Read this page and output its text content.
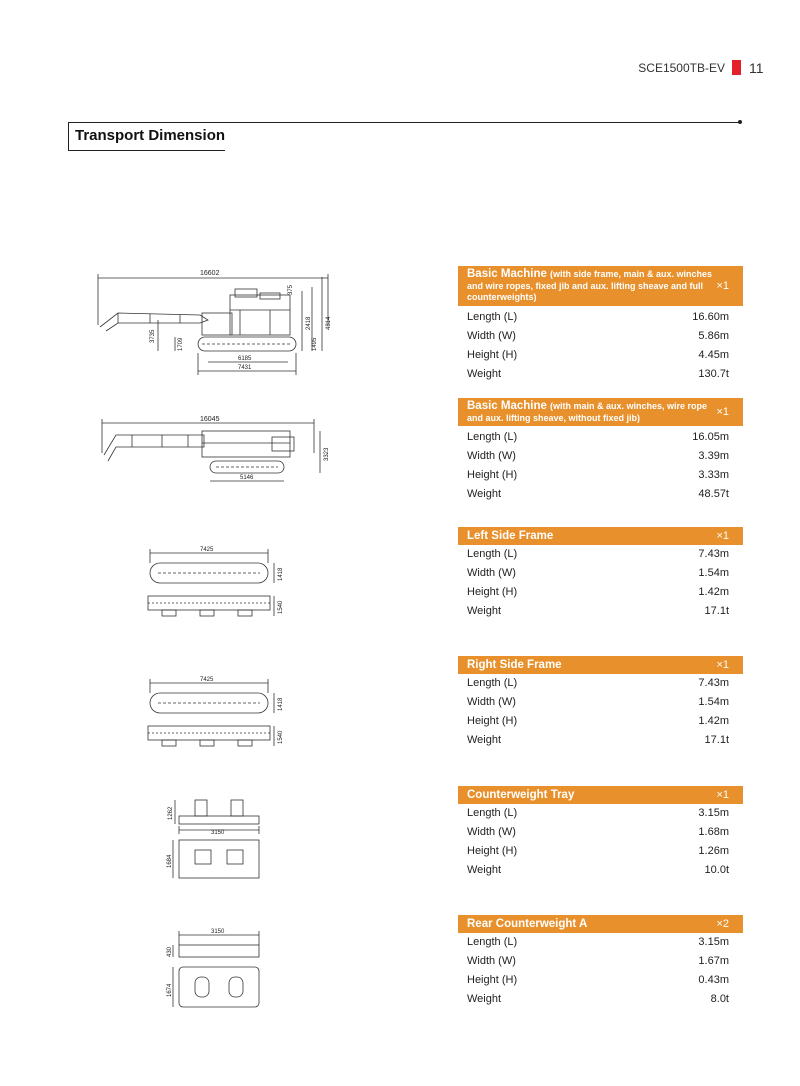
SCE1500TB-EV 11
Transport Dimension
16602
375
2418 4814
3735
1709	1495
6185
7431
16045
3323
5146
7425
1418
1540
7425
1418
1540
1262
3150
1684
3150
430
1674
Basic Machine (with side frame, main & aux. winches and wire ropes, fixed jib and aux. lifting sheave and full counterweights)
×1
Length (L)	16.60m
Width (W)	5.86m
Height (H)	4.45m
Weight	130.7t
Basic Machine (with main & aux. winches, wire rope and aux. lifting sheave, without fixed jib)	×1
Length (L)	16.05m
Width (W)	3.39m
Height (H)	3.33m
Weight	48.57t
Left Side Frame	×1
Length (L)	7.43m
Width (W)	1.54m
Height (H)	1.42m
Weight	17.1t
Right Side Frame	×1
Length (L)	7.43m
Width (W)	1.54m
Height (H)	1.42m
Weight	17.1t
Counterweight Tray	×1
Length (L)	3.15m
Width (W)	1.68m
Height (H)	1.26m
Weight	10.0t
Rear Counterweight A	×2
Length (L)	3.15m
Width (W)	1.67m
Height (H)	0.43m
Weight	8.0t
